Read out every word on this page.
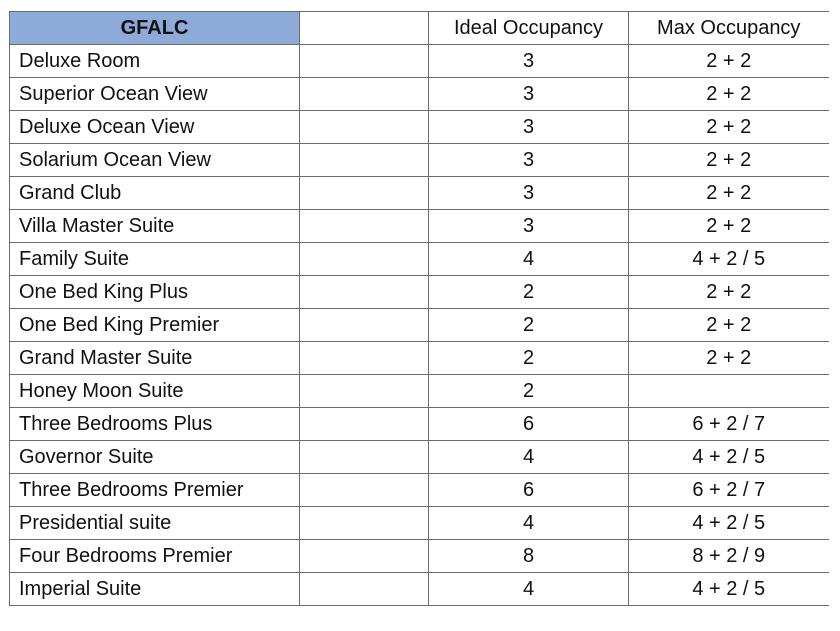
GFALC		Ideal Occupancy	Max Occupancy
Deluxe Room		3	2 + 2
Superior Ocean View		3	2 + 2
Deluxe Ocean View		3	2 + 2
Solarium Ocean View		3	2 + 2
Grand Club		3	2 + 2
Villa Master Suite		3	2 + 2
Family Suite		4	4 + 2 / 5
One Bed King Plus		2	2 + 2
One Bed King Premier		2	2 + 2
Grand Master Suite		2	2 + 2
Honey Moon Suite		2	
Three Bedrooms Plus		6	6 + 2 / 7
Governor Suite		4	4 + 2 / 5
Three Bedrooms Premier		6	6 + 2 / 7
Presidential suite		4	4 + 2 / 5
Four Bedrooms Premier		8	8 + 2 / 9
Imperial Suite		4	4 + 2 / 5
